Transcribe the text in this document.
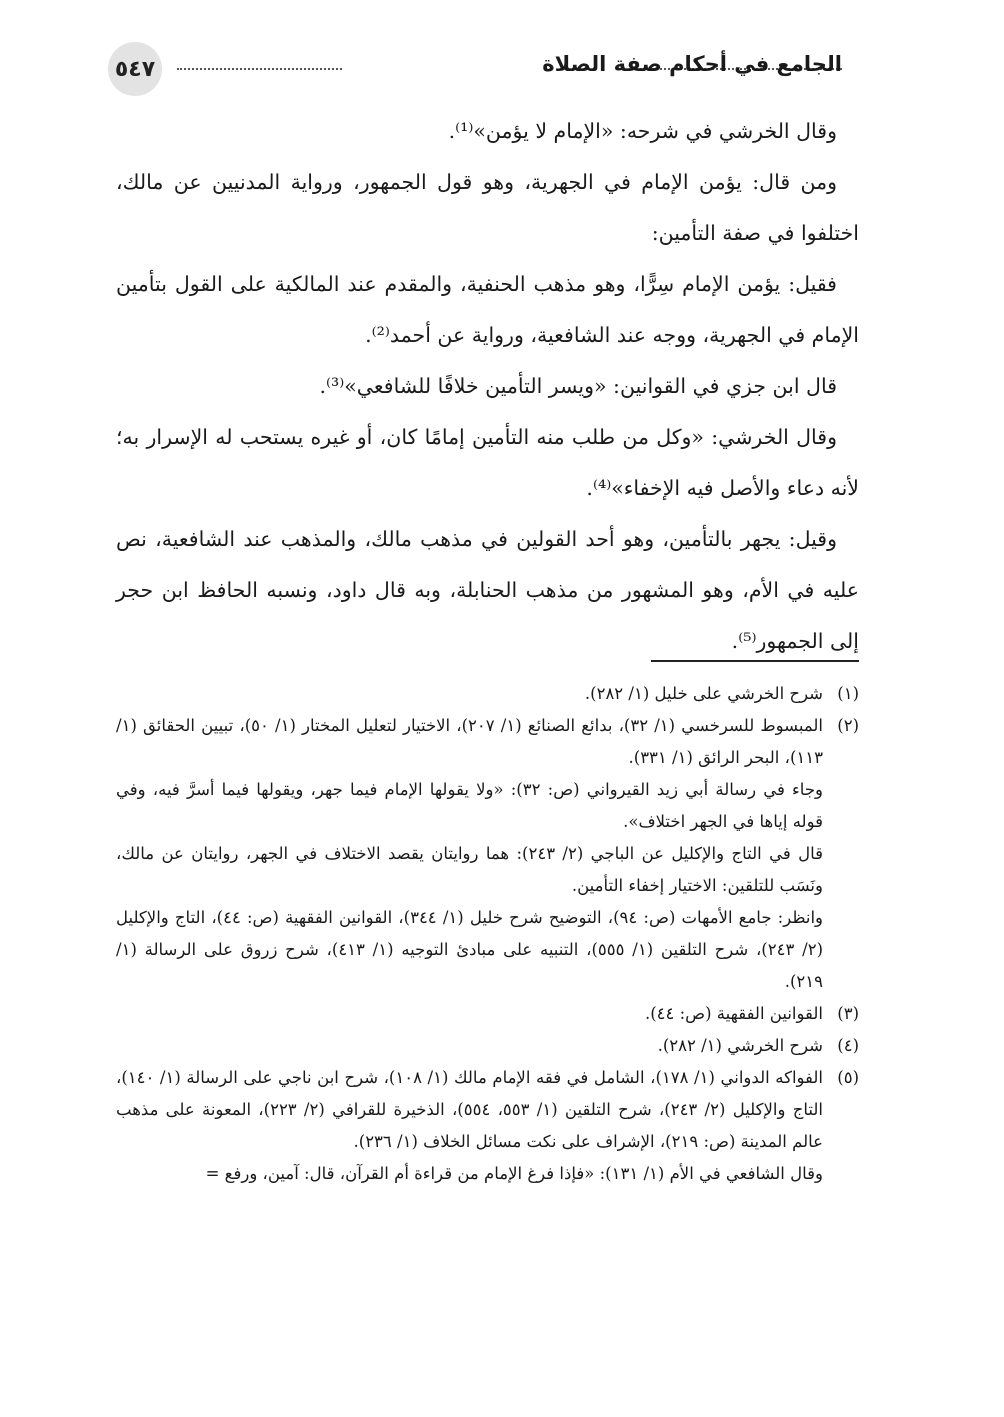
٥٤٧	الجامع في أحكام صفة الصلاة

وقال الخرشي في شرحه: «الإمام لا يؤمن»⁽¹⁾.

ومن قال: يؤمن الإمام في الجهرية، وهو قول الجمهور، ورواية المدنيين عن مالك، اختلفوا في صفة التأمين:

فقيل: يؤمن الإمام سِرًّا، وهو مذهب الحنفية، والمقدم عند المالكية على القول بتأمين الإمام في الجهرية، ووجه عند الشافعية، ورواية عن أحمد⁽²⁾.

قال ابن جزي في القوانين: «ويسر التأمين خلافًا للشافعي»⁽³⁾.

وقال الخرشي: «وكل من طلب منه التأمين إمامًا كان، أو غيره يستحب له الإسرار به؛ لأنه دعاء والأصل فيه الإخفاء»⁽⁴⁾.

وقيل: يجهر بالتأمين، وهو أحد القولين في مذهب مالك، والمذهب عند الشافعية، نص عليه في الأم، وهو المشهور من مذهب الحنابلة، وبه قال داود، ونسبه الحافظ ابن حجر إلى الجمهور⁽⁵⁾.

(١)
شرح الخرشي على خليل (١/ ٢٨٢).
(٢)
المبسوط للسرخسي (١/ ٣٢)، بدائع الصنائع (١/ ٢٠٧)، الاختيار لتعليل المختار (١/ ٥٠)، تبيين الحقائق (١/ ١١٣)، البحر الرائق (١/ ٣٣١).

وجاء في رسالة أبي زيد القيرواني (ص: ٣٢): «ولا يقولها الإمام فيما جهر، ويقولها فيما أسرَّ فيه، وفي قوله إياها في الجهر اختلاف».

قال في التاج والإكليل عن الباجي (٢/ ٢٤٣): هما روايتان يقصد الاختلاف في الجهر، روايتان عن مالك، ونَسَب للتلقين: الاختيار إخفاء التأمين.

وانظر: جامع الأمهات (ص: ٩٤)، التوضيح شرح خليل (١/ ٣٤٤)، القوانين الفقهية (ص: ٤٤)، التاج والإكليل (٢/ ٢٤٣)، شرح التلقين (١/ ٥٥٥)، التنبيه على مبادئ التوجيه (١/ ٤١٣)، شرح زروق على الرسالة (١/ ٢١٩).

(٣)
القوانين الفقهية (ص: ٤٤).
(٤)
شرح الخرشي (١/ ٢٨٢).
(٥)
الفواكه الدواني (١/ ١٧٨)، الشامل في فقه الإمام مالك (١/ ١٠٨)، شرح ابن ناجي على الرسالة (١/ ١٤٠)، التاج والإكليل (٢/ ٢٤٣)، شرح التلقين (١/ ٥٥٣، ٥٥٤)، الذخيرة للقرافي (٢/ ٢٢٣)، المعونة على مذهب عالم المدينة (ص: ٢١٩)، الإشراف على نكت مسائل الخلاف (١/ ٢٣٦).

وقال الشافعي في الأم (١/ ١٣١): «فإذا فرغ الإمام من قراءة أم القرآن، قال: آمين، ورفع =
